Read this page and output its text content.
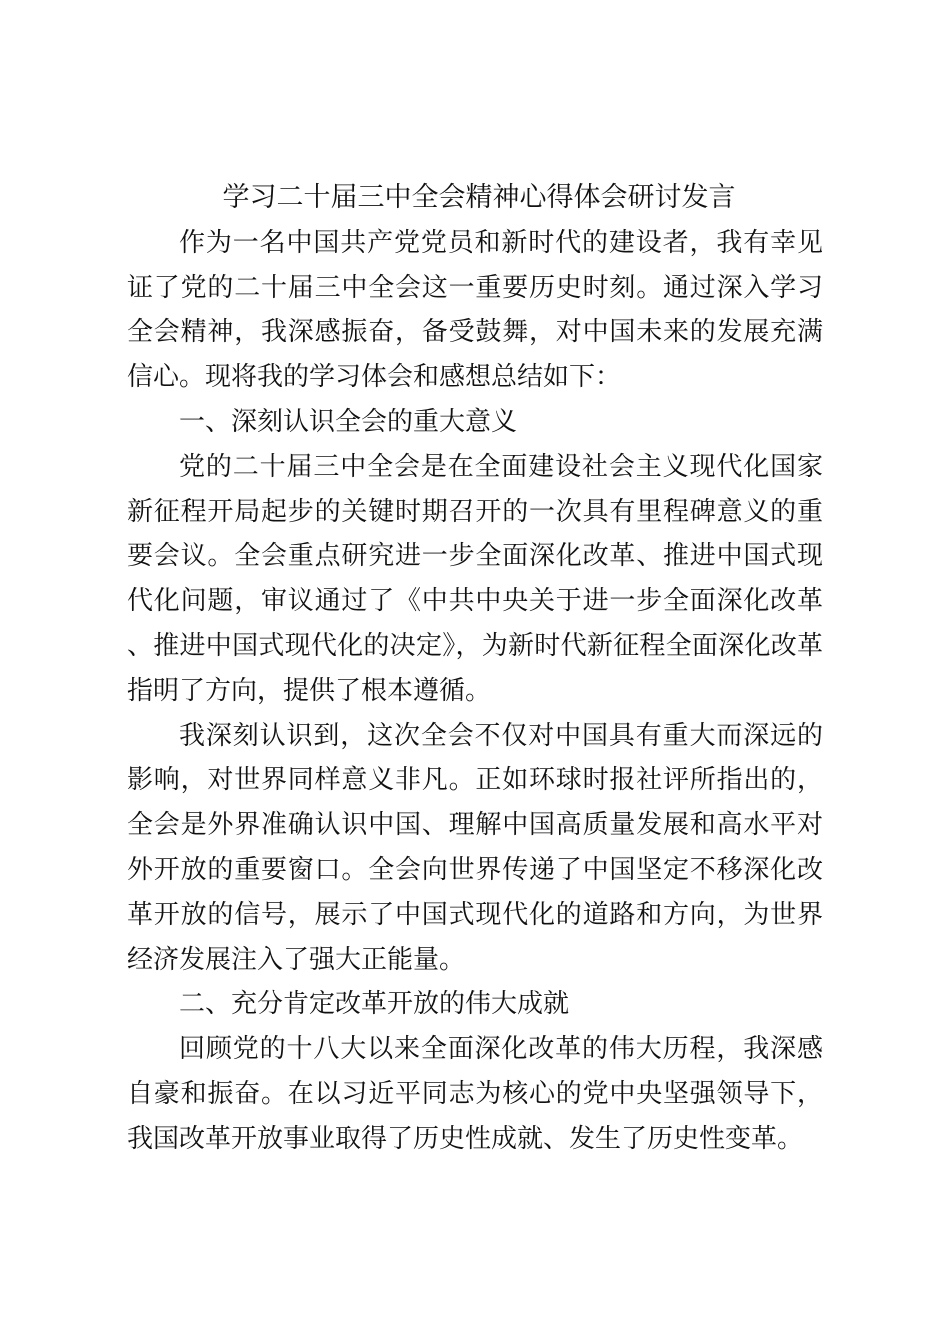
学习二十届三中全会精神心得体会研讨发言

作为一名中国共产党党员和新时代的建设者，我有幸见证了党的二十届三中全会这一重要历史时刻。通过深入学习全会精神，我深感振奋，备受鼓舞，对中国未来的发展充满信心。现将我的学习体会和感想总结如下：

一、深刻认识全会的重大意义

党的二十届三中全会是在全面建设社会主义现代化国家新征程开局起步的关键时期召开的一次具有里程碑意义的重要会议。全会重点研究进一步全面深化改革、推进中国式现代化问题，审议通过了《中共中央关于进一步全面深化改革、推进中国式现代化的决定》，为新时代新征程全面深化改革指明了方向，提供了根本遵循。

我深刻认识到，这次全会不仅对中国具有重大而深远的影响，对世界同样意义非凡。正如环球时报社评所指出的，全会是外界准确认识中国、理解中国高质量发展和高水平对外开放的重要窗口。全会向世界传递了中国坚定不移深化改革开放的信号，展示了中国式现代化的道路和方向，为世界经济发展注入了强大正能量。

二、充分肯定改革开放的伟大成就

回顾党的十八大以来全面深化改革的伟大历程，我深感自豪和振奋。在以习近平同志为核心的党中央坚强领导下，我国改革开放事业取得了历史性成就、发生了历史性变革。
